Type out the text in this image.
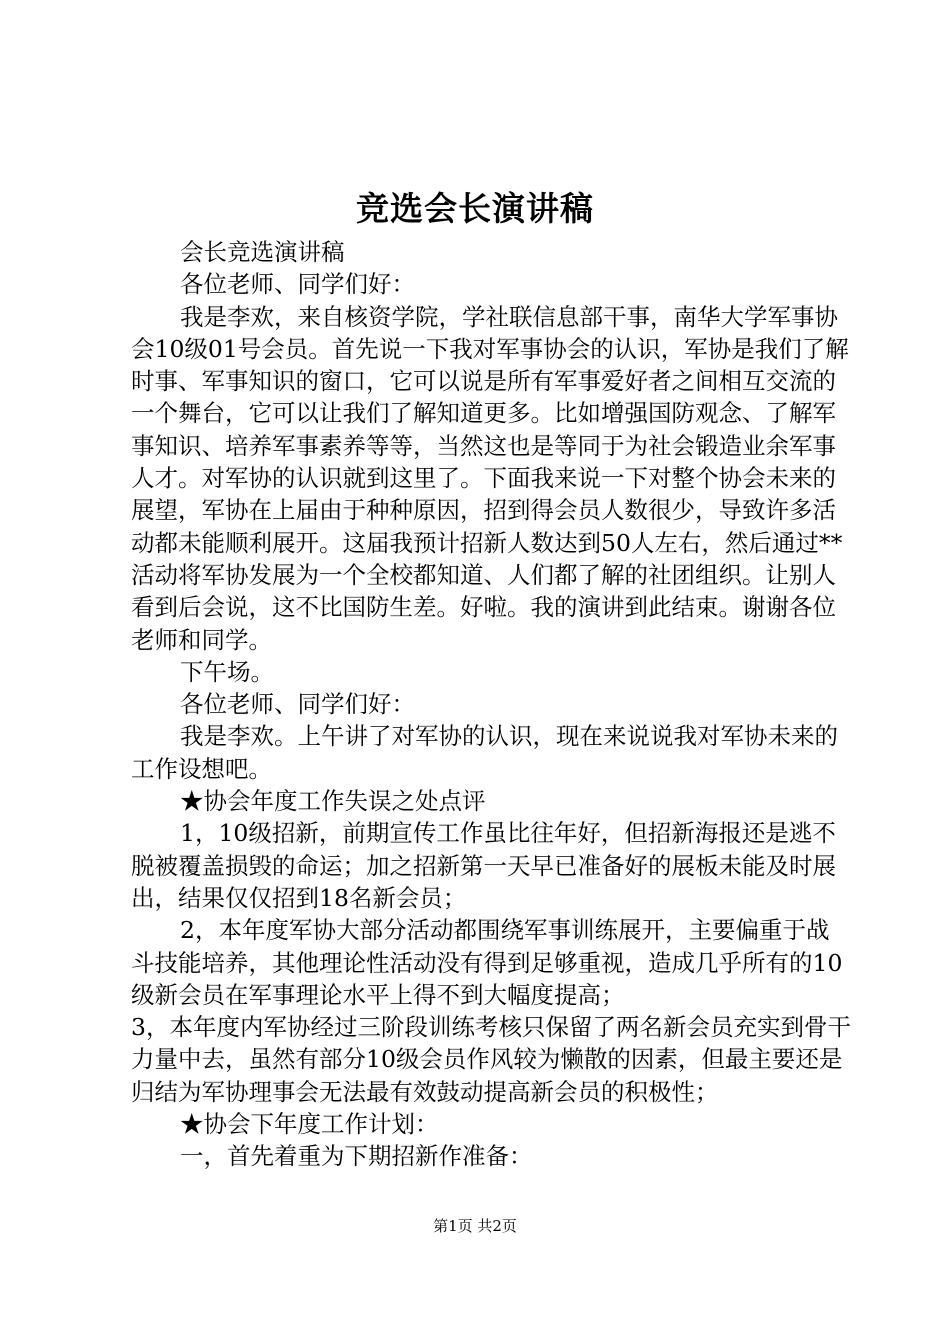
竞选会长演讲稿

会长竞选演讲稿

各位老师、同学们好：

我是李欢，来自核资学院，学社联信息部干事，南华大学军事协会10级01号会员。首先说一下我对军事协会的认识，军协是我们了解时事、军事知识的窗口，它可以说是所有军事爱好者之间相互交流的一个舞台，它可以让我们了解知道更多。比如增强国防观念、了解军事知识、培养军事素养等等，当然这也是等同于为社会锻造业余军事人才。对军协的认识就到这里了。下面我来说一下对整个协会未来的展望，军协在上届由于种种原因，招到得会员人数很少，导致许多活动都未能顺利展开。这届我预计招新人数达到50人左右，然后通过**活动将军协发展为一个全校都知道、人们都了解的社团组织。让别人看到后会说，这不比国防生差。好啦。我的演讲到此结束。谢谢各位老师和同学。

下午场。

各位老师、同学们好：

我是李欢。上午讲了对军协的认识，现在来说说我对军协未来的工作设想吧。

★协会年度工作失误之处点评

1，10级招新，前期宣传工作虽比往年好，但招新海报还是逃不脱被覆盖损毁的命运；加之招新第一天早已准备好的展板未能及时展出，结果仅仅招到18名新会员；

2，本年度军协大部分活动都围绕军事训练展开，主要偏重于战斗技能培养，其他理论性活动没有得到足够重视，造成几乎所有的10级新会员在军事理论水平上得不到大幅度提高；

3，本年度内军协经过三阶段训练考核只保留了两名新会员充实到骨干力量中去，虽然有部分10级会员作风较为懒散的因素，但最主要还是归结为军协理事会无法最有效鼓动提高新会员的积极性；

★协会下年度工作计划：

一，首先着重为下期招新作准备：

第1页 共2页
